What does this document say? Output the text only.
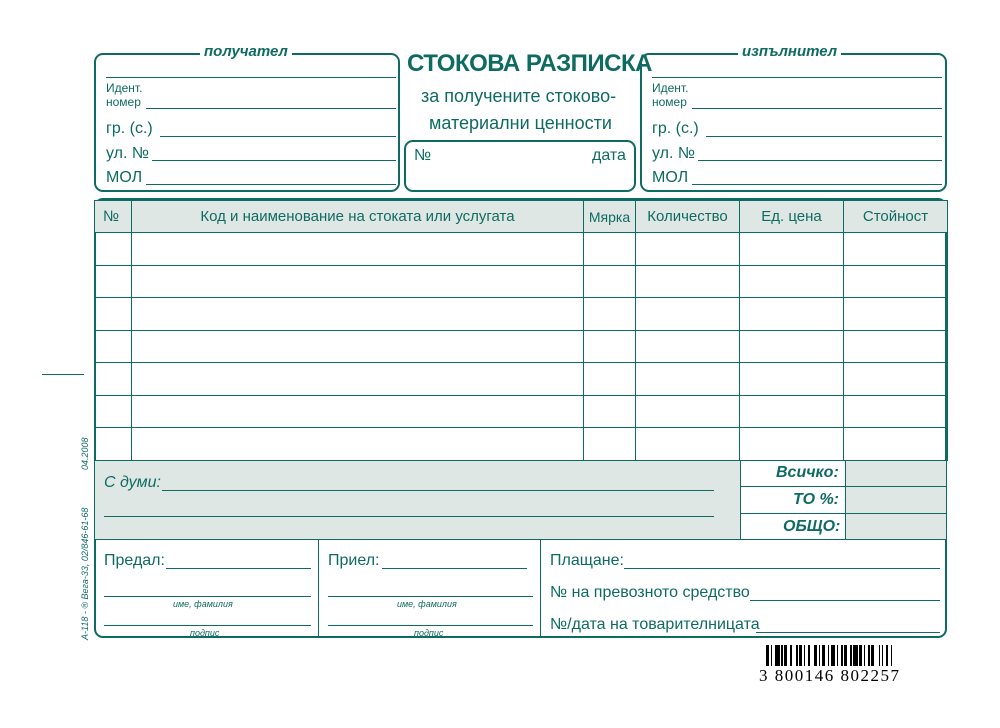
получател
Идент.
номер
гр. (с.)
ул. №
МОЛ
СТОКОВА РАЗПИСКА
за получените стоково-
материални ценности
№	дата
изпълнител
Идент.
номер
гр. (с.)
ул. №
МОЛ
№	Код и наименование на стоката или услугата	Мярка	Количество	Ед. цена	Стойност

С думи:
Всичко:
ТО %:
ОБЩО:
Предал:
име, фамилия
подпис
Приел:
име, фамилия
подпис
Плащане:
№ на превозното средство
№/дата на товарителницата
A-118 - ® Вега-33, 02/846-61-68
04.2008
3 800146 802257
